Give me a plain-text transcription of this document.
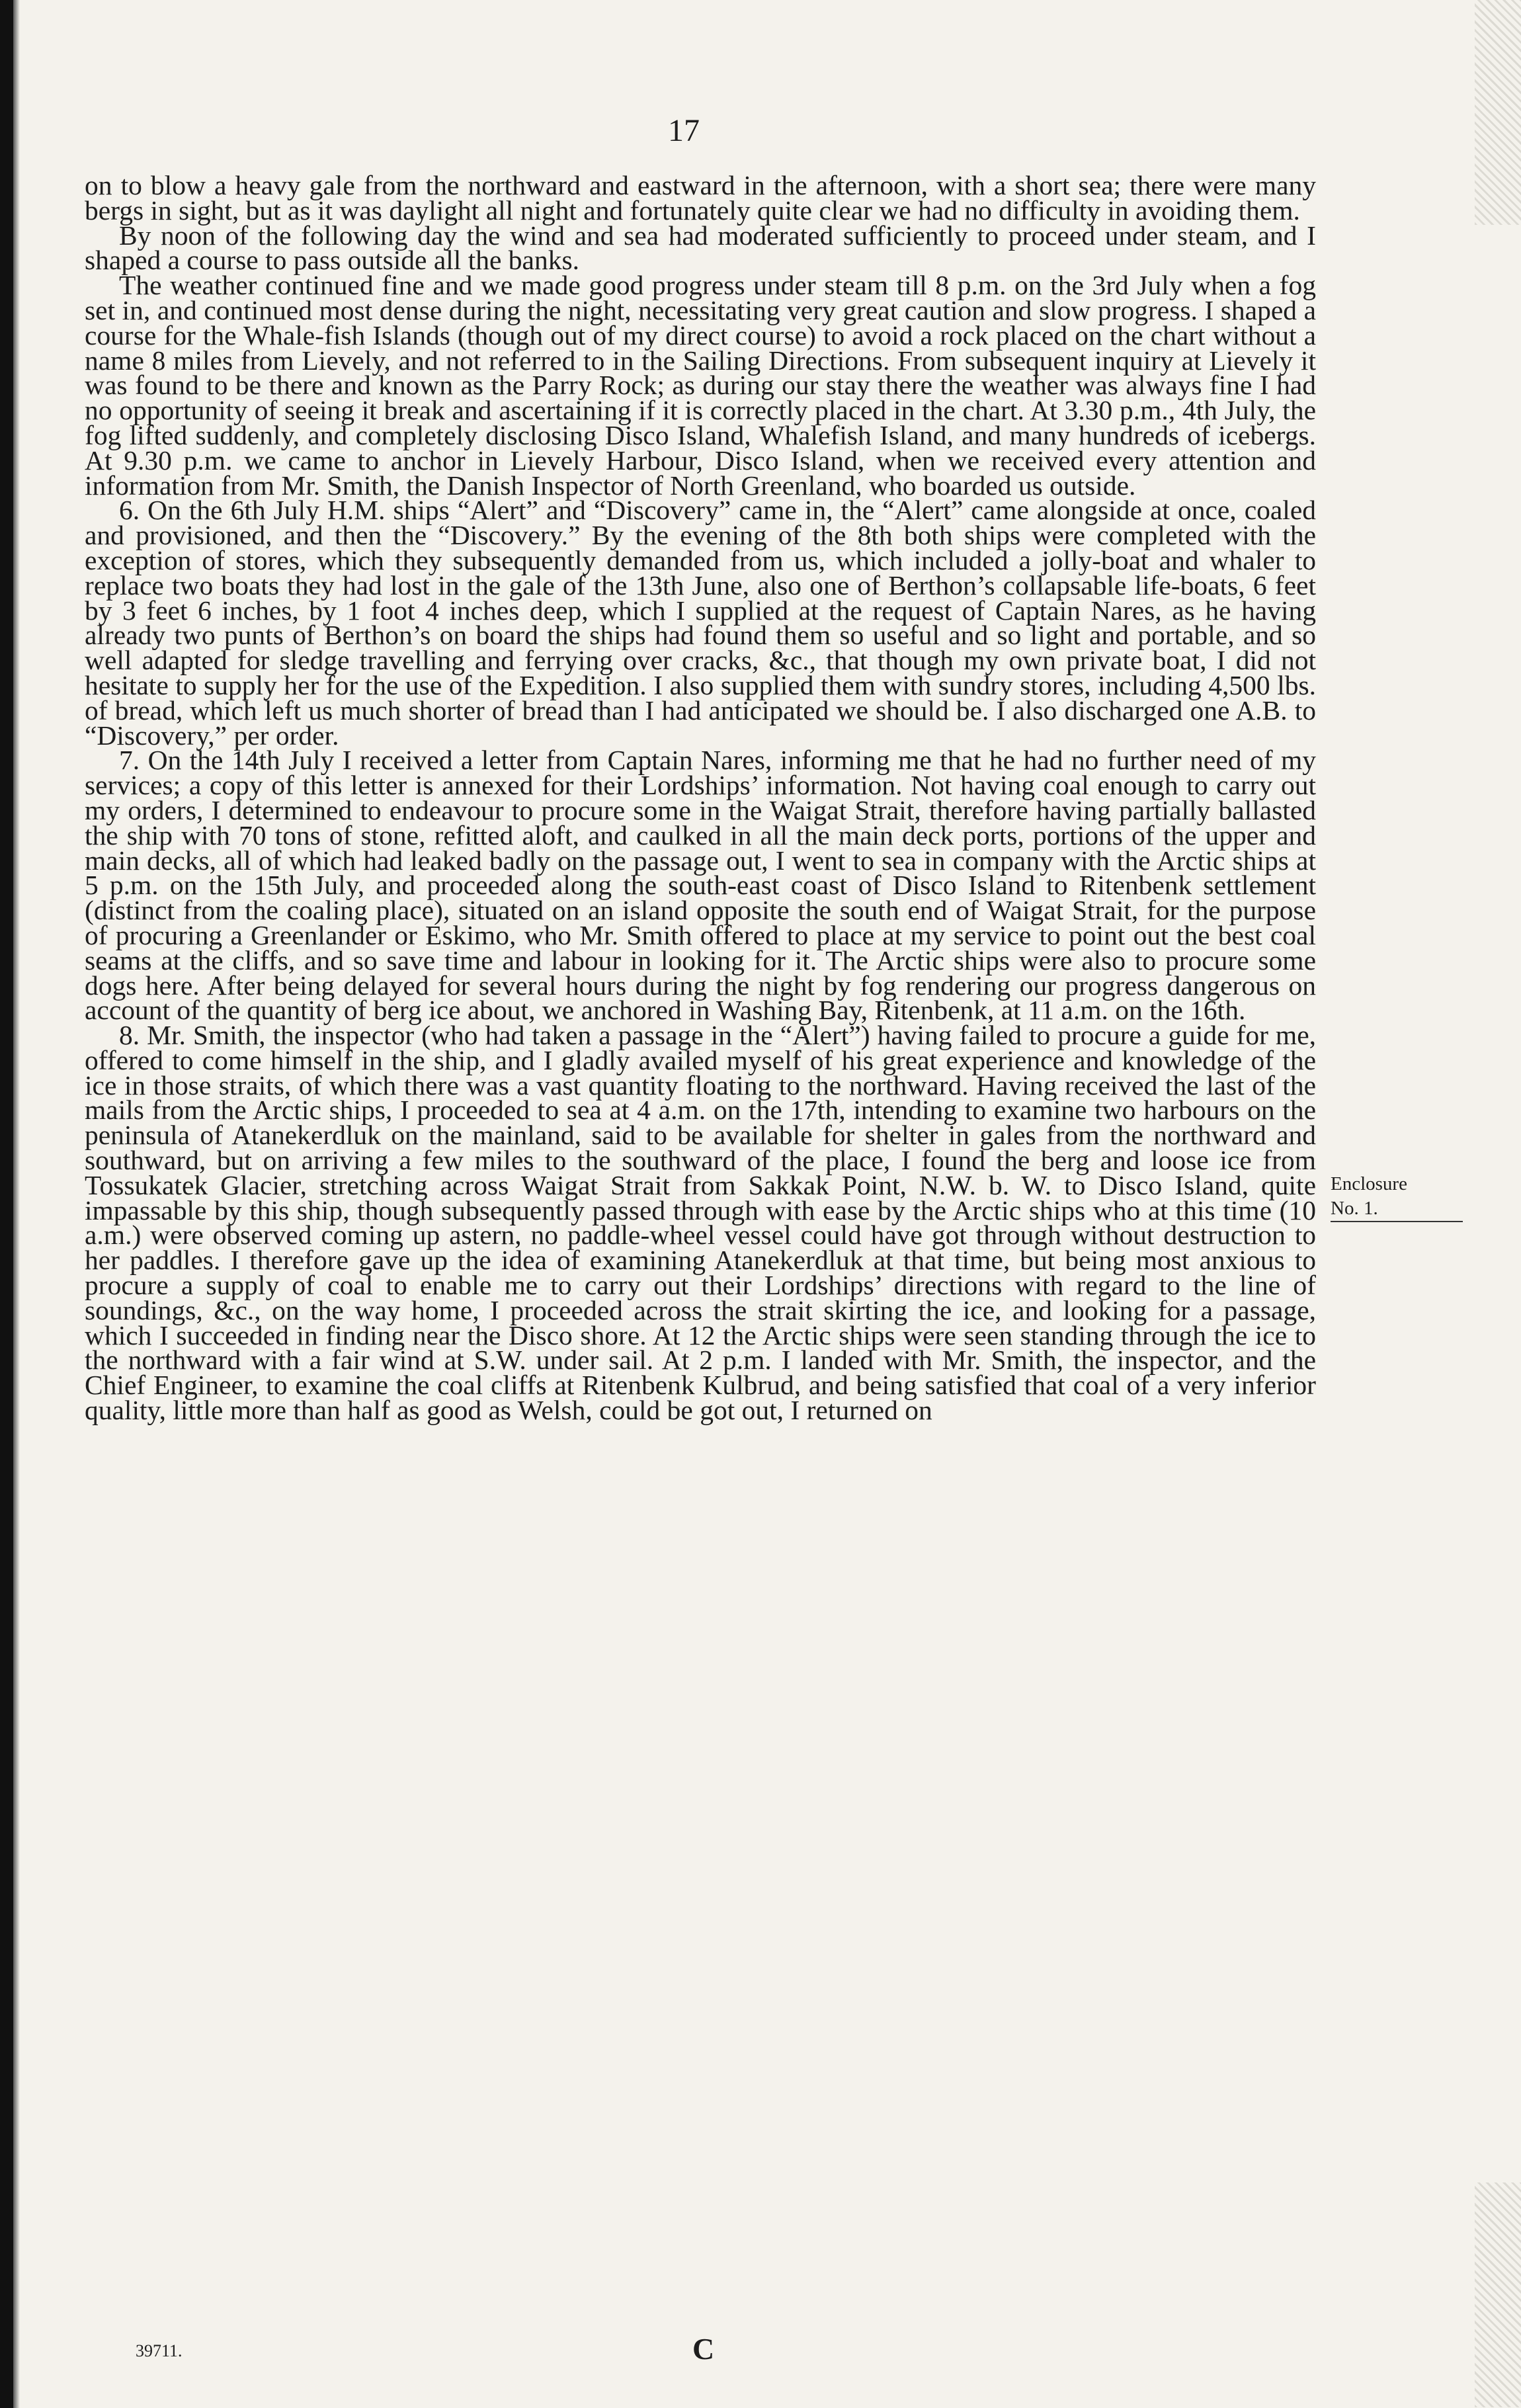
17

on to blow a heavy gale from the northward and eastward in the afternoon, with a short sea; there were many bergs in sight, but as it was daylight all night and fortunately quite clear we had no difficulty in avoiding them.

By noon of the following day the wind and sea had moderated sufficiently to proceed under steam, and I shaped a course to pass outside all the banks.

The weather continued fine and we made good progress under steam till 8 p.m. on the 3rd July when a fog set in, and continued most dense during the night, necessitating very great caution and slow progress. I shaped a course for the Whale-fish Islands (though out of my direct course) to avoid a rock placed on the chart without a name 8 miles from Lievely, and not referred to in the Sailing Directions. From subsequent inquiry at Lievely it was found to be there and known as the Parry Rock; as during our stay there the weather was always fine I had no opportunity of seeing it break and ascertaining if it is correctly placed in the chart. At 3.30 p.m., 4th July, the fog lifted suddenly, and completely disclosing Disco Island, Whalefish Island, and many hundreds of icebergs. At 9.30 p.m. we came to anchor in Lievely Harbour, Disco Island, when we received every attention and information from Mr. Smith, the Danish Inspector of North Greenland, who boarded us outside.

6. On the 6th July H.M. ships “Alert” and “Discovery” came in, the “Alert” came alongside at once, coaled and provisioned, and then the “Discovery.” By the evening of the 8th both ships were completed with the exception of stores, which they subsequently demanded from us, which included a jolly-boat and whaler to replace two boats they had lost in the gale of the 13th June, also one of Berthon’s collapsable life-boats, 6 feet by 3 feet 6 inches, by 1 foot 4 inches deep, which I supplied at the request of Captain Nares, as he having already two punts of Berthon’s on board the ships had found them so useful and so light and portable, and so well adapted for sledge travelling and ferrying over cracks, &c., that though my own private boat, I did not hesitate to supply her for the use of the Expedition. I also supplied them with sundry stores, including 4,500 lbs. of bread, which left us much shorter of bread than I had anticipated we should be. I also discharged one A.B. to “Discovery,” per order.

7. On the 14th July I received a letter from Captain Nares, informing me that he had no further need of my services; a copy of this letter is annexed for their Lordships’ information. Not having coal enough to carry out my orders, I determined to endeavour to procure some in the Waigat Strait, therefore having partially ballasted the ship with 70 tons of stone, refitted aloft, and caulked in all the main deck ports, portions of the upper and main decks, all of which had leaked badly on the passage out, I went to sea in company with the Arctic ships at 5 p.m. on the 15th July, and proceeded along the south-east coast of Disco Island to Ritenbenk settlement (distinct from the coaling place), situated on an island opposite the south end of Waigat Strait, for the purpose of procuring a Greenlander or Eskimo, who Mr. Smith offered to place at my service to point out the best coal seams at the cliffs, and so save time and labour in looking for it. The Arctic ships were also to procure some dogs here. After being delayed for several hours during the night by fog rendering our progress dangerous on account of the quantity of berg ice about, we anchored in Washing Bay, Ritenbenk, at 11 a.m. on the 16th.

8. Mr. Smith, the inspector (who had taken a passage in the “Alert”) having failed to procure a guide for me, offered to come himself in the ship, and I gladly availed myself of his great experience and knowledge of the ice in those straits, of which there was a vast quantity floating to the northward. Having received the last of the mails from the Arctic ships, I proceeded to sea at 4 a.m. on the 17th, intending to examine two harbours on the peninsula of Atanekerdluk on the mainland, said to be available for shelter in gales from the northward and southward, but on arriving a few miles to the southward of the place, I found the berg and loose ice from Tossukatek Glacier, stretching across Waigat Strait from Sakkak Point, N.W. b. W. to Disco Island, quite impassable by this ship, though subsequently passed through with ease by the Arctic ships who at this time (10 a.m.) were observed coming up astern, no paddle-wheel vessel could have got through without destruction to her paddles. I therefore gave up the idea of examining Atanekerdluk at that time, but being most anxious to procure a supply of coal to enable me to carry out their Lordships’ directions with regard to the line of soundings, &c., on the way home, I proceeded across the strait skirting the ice, and looking for a passage, which I succeeded in finding near the Disco shore. At 12 the Arctic ships were seen standing through the ice to the northward with a fair wind at S.W. under sail. At 2 p.m. I landed with Mr. Smith, the inspector, and the Chief Engineer, to examine the coal cliffs at Ritenbenk Kulbrud, and being satisfied that coal of a very inferior quality, little more than half as good as Welsh, could be got out, I returned on

Enclosure
No. 1.
39711.	C
